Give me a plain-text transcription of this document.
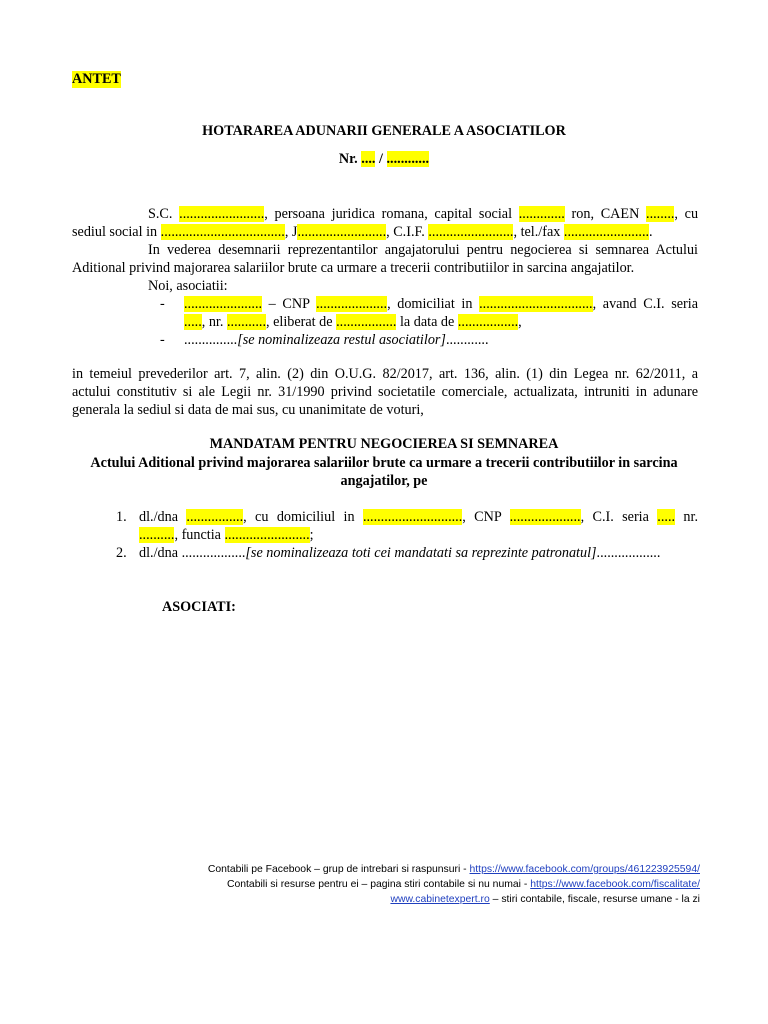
ANTET
HOTARAREA ADUNARII GENERALE A ASOCIATILOR
Nr. .... / ............
S.C. ........................, persoana juridica romana, capital social ............. ron, CAEN ........, cu
sediul social in ..................................., J........................., C.I.F. ........................, tel./fax .........................
In vederea desemnarii reprezentantilor angajatorului pentru negocierea si semnarea Actului
Aditional privind majorarea salariilor brute ca urmare a trecerii contributiilor in sarcina angajatilor.
Noi, asociatii:
- ...................... – CNP ...................., domiciliat in ................................, avand C.I. seria
....., nr. ..........., eliberat de ................. la data de .................,
- ...............[se nominalizeaza restul asociatilor]............
in temeiul prevederilor art. 7, alin. (2) din O.U.G. 82/2017, art. 136, alin. (1) din Legea nr. 62/2011, a
actului constitutiv si ale Legii nr. 31/1990 privind societatile comerciale, actualizata, intruniti in adunare
generala la sediul si data de mai sus, cu unanimitate de voturi,
MANDATAM PENTRU NEGOCIEREA SI SEMNAREA
Actului Aditional privind majorarea salariilor brute ca urmare a trecerii contributiilor in sarcina
angajatilor, pe
1. dl./dna ................, cu domiciliul in ............................, CNP ...................., C.I. seria ..... nr.
.........., functia ........................;
2. dl./dna ..................[se nominalizeaza toti cei mandatati sa reprezinte patronatul]..................
ASOCIATI:
Contabili pe Facebook – grup de intrebari si raspunsuri - https://www.facebook.com/groups/461223925594/
Contabili si resurse pentru ei – pagina stiri contabile si nu numai - https://www.facebook.com/fiscalitate/
www.cabinetexpert.ro – stiri contabile, fiscale, resurse umane - la zi
